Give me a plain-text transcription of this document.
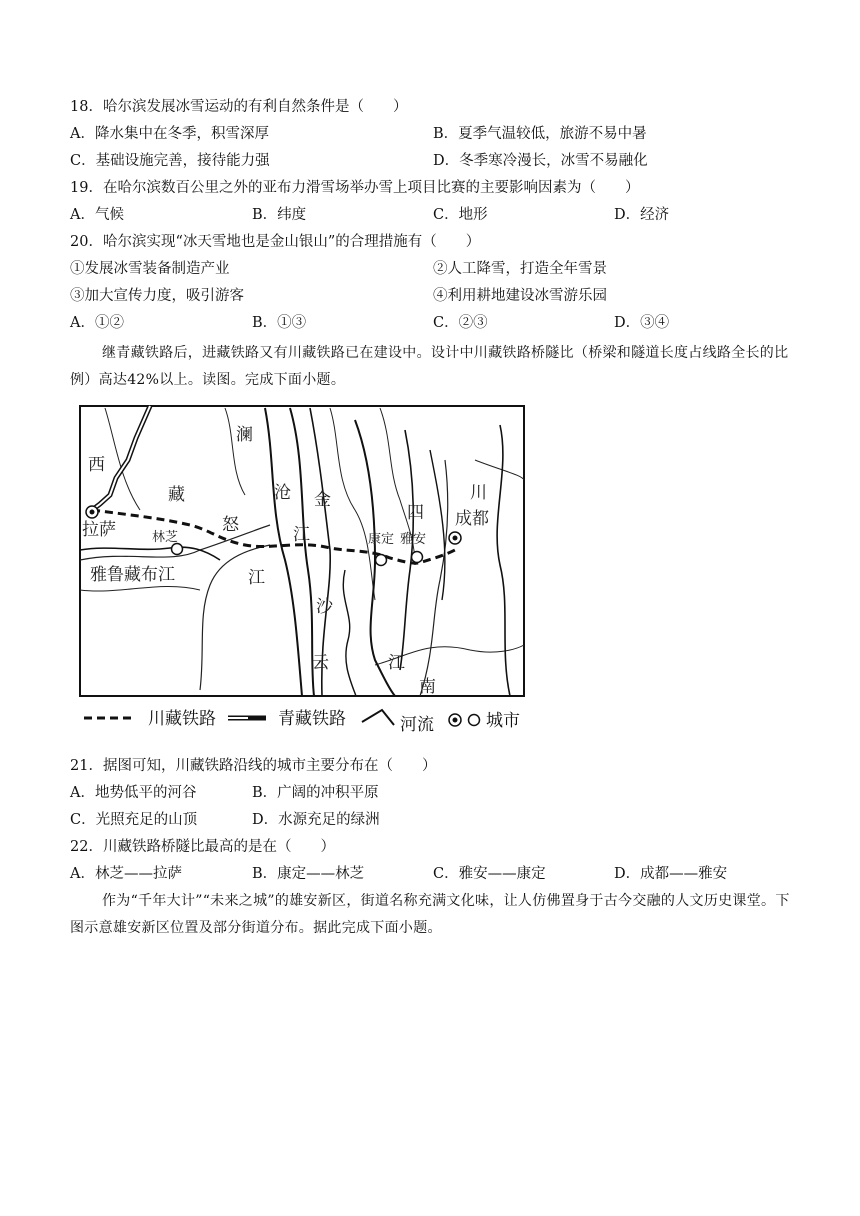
18．哈尔滨发展冰雪运动的有利自然条件是（　　）
A．降水集中在冬季，积雪深厚	B．夏季气温较低，旅游不易中暑
C．基础设施完善，接待能力强	D．冬季寒冷漫长，冰雪不易融化
19．在哈尔滨数百公里之外的亚布力滑雪场举办雪上项目比赛的主要影响因素为（　　）
A．气候	B．纬度	C．地形	D．经济
20．哈尔滨实现“冰天雪地也是金山银山”的合理措施有（　　）
①发展冰雪装备制造产业	②人工降雪，打造全年雪景
③加大宣传力度，吸引游客	④利用耕地建设冰雪游乐园
A．①②	B．①③	C．②③	D．③④
继青藏铁路后，进藏铁路又有川藏铁路已在建设中。设计中川藏铁路桥隧比（桥梁和隧道长度占线路全长的比例）高达42%以上。读图。完成下面小题。
西
藏
拉萨	林芝
雅鲁藏布江
怒
江
澜
沧
江
金
沙
江
云
南
康定 雅安
四
川
成都
川藏铁路	青藏铁路	河流	城市
21．据图可知，川藏铁路沿线的城市主要分布在（　　）
A．地势低平的河谷	B．广阔的冲积平原
C．光照充足的山顶	D．水源充足的绿洲
22．川藏铁路桥隧比最高的是在（　　）
A．林芝——拉萨	B．康定——林芝	C．雅安——康定	D．成都——雅安
作为“千年大计”“未来之城”的雄安新区，街道名称充满文化味，让人仿佛置身于古今交融的人文历史课堂。下图示意雄安新区位置及部分街道分布。据此完成下面小题。
